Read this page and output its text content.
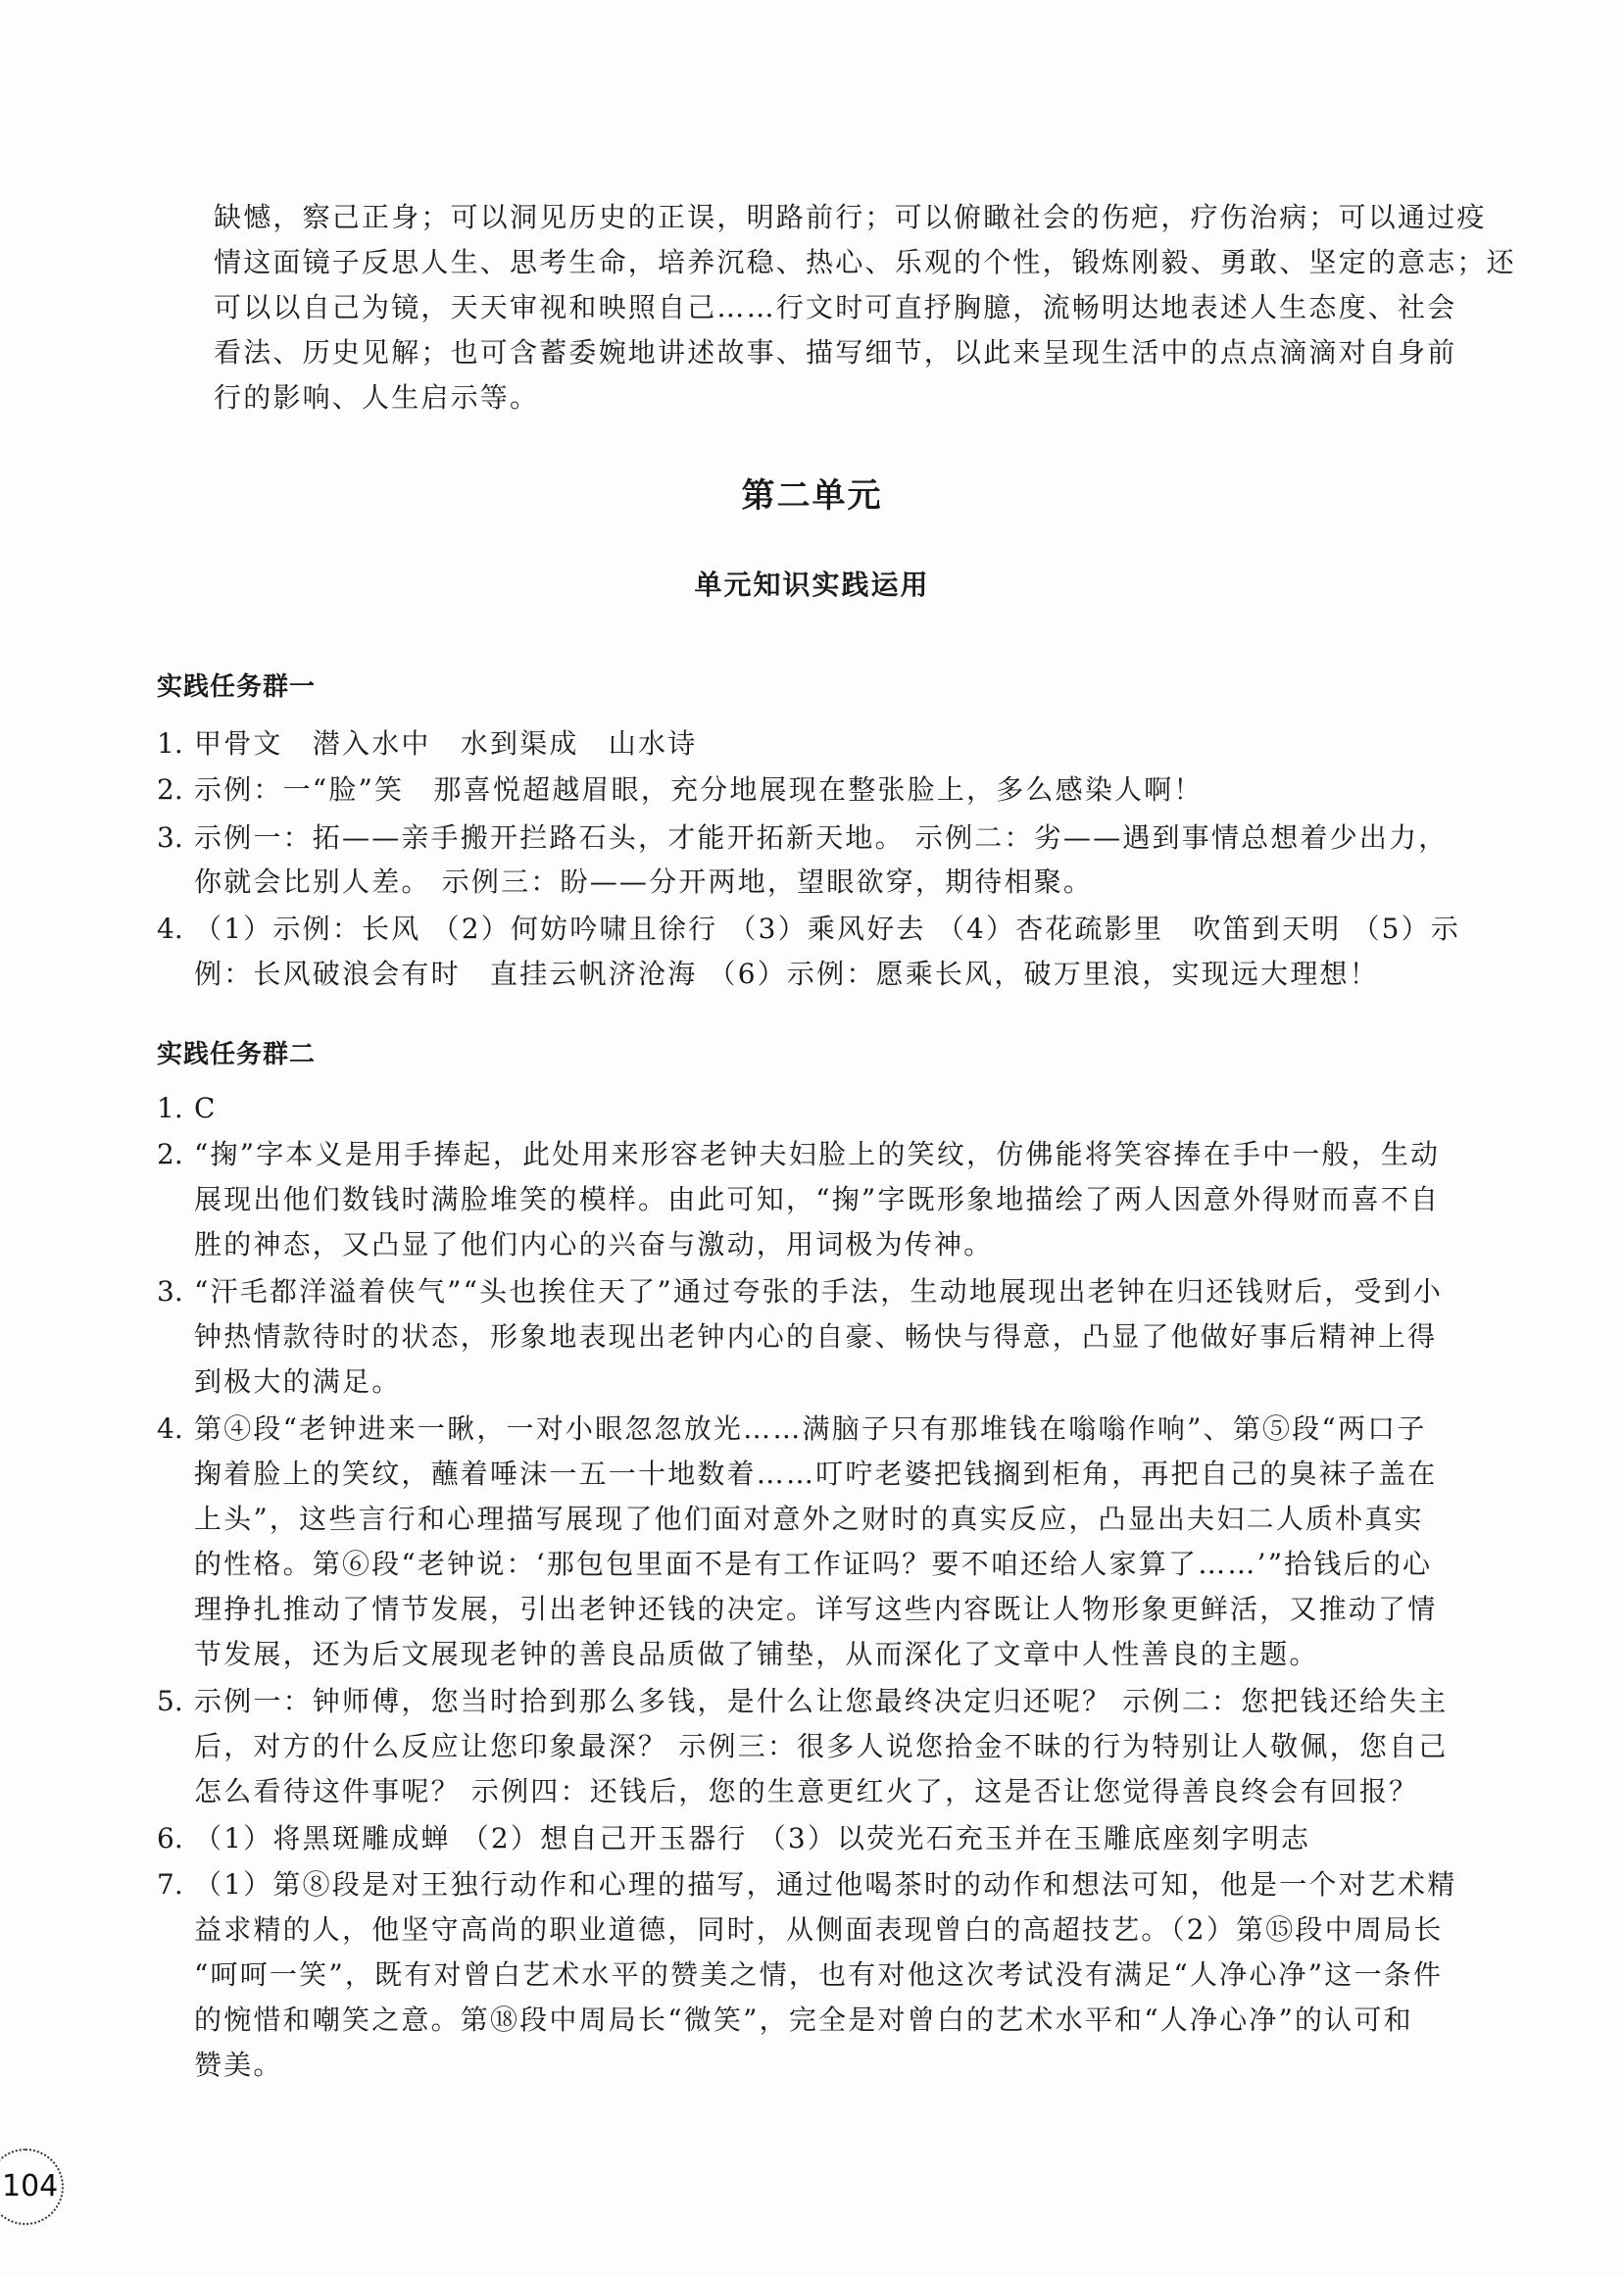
缺憾，察己正身；可以洞见历史的正误，明路前行；可以俯瞰社会的伤疤，疗伤治病；可以通过疫
情这面镜子反思人生、思考生命，培养沉稳、热心、乐观的个性，锻炼刚毅、勇敢、坚定的意志；还
可以以自己为镜，天天审视和映照自己……行文时可直抒胸臆，流畅明达地表述人生态度、社会
看法、历史见解；也可含蓄委婉地讲述故事、描写细节，以此来呈现生活中的点点滴滴对自身前
行的影响、人生启示等。
第二单元
单元知识实践运用
实践任务群一
1. 甲骨文　潜入水中　水到渠成　山水诗
2. 示例：一“脸”笑　那喜悦超越眉眼，充分地展现在整张脸上，多么感染人啊！
3. 示例一：拓——亲手搬开拦路石头，才能开拓新天地。 示例二：劣——遇到事情总想着少出力，
你就会比别人差。 示例三：盼——分开两地，望眼欲穿，期待相聚。
4. （1）示例：长风 （2）何妨吟啸且徐行 （3）乘风好去 （4）杏花疏影里　吹笛到天明 （5）示
例：长风破浪会有时　直挂云帆济沧海 （6）示例：愿乘长风，破万里浪，实现远大理想！
实践任务群二
1. C
2. “掬”字本义是用手捧起，此处用来形容老钟夫妇脸上的笑纹，仿佛能将笑容捧在手中一般，生动
展现出他们数钱时满脸堆笑的模样。由此可知，“掬”字既形象地描绘了两人因意外得财而喜不自
胜的神态，又凸显了他们内心的兴奋与激动，用词极为传神。
3. “汗毛都洋溢着侠气”“头也挨住天了”通过夸张的手法，生动地展现出老钟在归还钱财后，受到小
钟热情款待时的状态，形象地表现出老钟内心的自豪、畅快与得意，凸显了他做好事后精神上得
到极大的满足。
4. 第④段“老钟进来一瞅，一对小眼忽忽放光……满脑子只有那堆钱在嗡嗡作响”、第⑤段“两口子
掬着脸上的笑纹，蘸着唾沫一五一十地数着……叮咛老婆把钱搁到柜角，再把自己的臭袜子盖在
上头”，这些言行和心理描写展现了他们面对意外之财时的真实反应，凸显出夫妇二人质朴真实
的性格。第⑥段“老钟说：‘那包包里面不是有工作证吗？要不咱还给人家算了……’”拾钱后的心
理挣扎推动了情节发展，引出老钟还钱的决定。详写这些内容既让人物形象更鲜活，又推动了情
节发展，还为后文展现老钟的善良品质做了铺垫，从而深化了文章中人性善良的主题。
5. 示例一：钟师傅，您当时拾到那么多钱，是什么让您最终决定归还呢？ 示例二：您把钱还给失主
后，对方的什么反应让您印象最深？ 示例三：很多人说您拾金不昧的行为特别让人敬佩，您自己
怎么看待这件事呢？ 示例四：还钱后，您的生意更红火了，这是否让您觉得善良终会有回报？
6. （1）将黑斑雕成蝉 （2）想自己开玉器行 （3）以荧光石充玉并在玉雕底座刻字明志
7. （1）第⑧段是对王独行动作和心理的描写，通过他喝茶时的动作和想法可知，他是一个对艺术精
益求精的人，他坚守高尚的职业道德，同时，从侧面表现曾白的高超技艺。（2）第⑮段中周局长
“呵呵一笑”，既有对曾白艺术水平的赞美之情，也有对他这次考试没有满足“人净心净”这一条件
的惋惜和嘲笑之意。第⑱段中周局长“微笑”，完全是对曾白的艺术水平和“人净心净”的认可和
赞美。
104
